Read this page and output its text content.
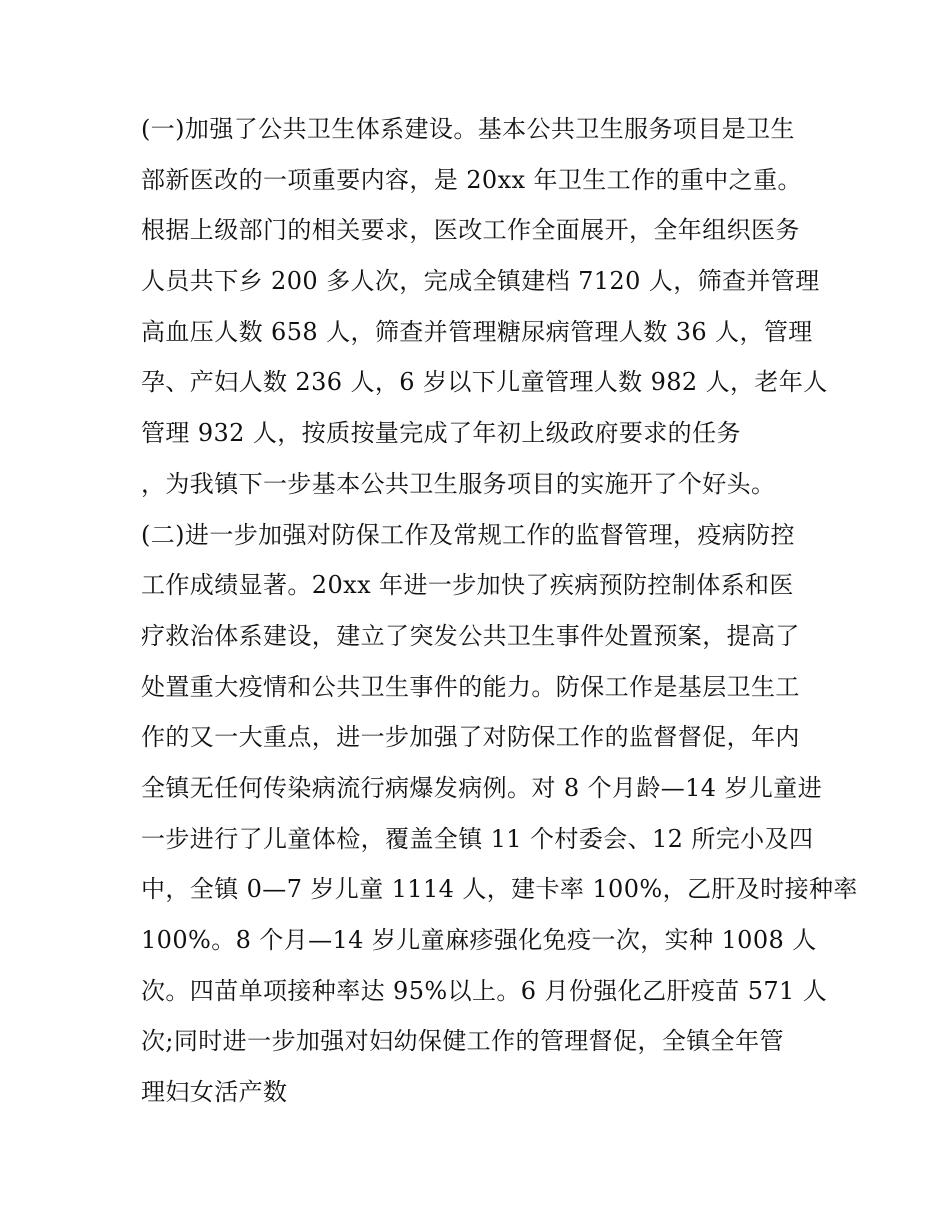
(一)加强了公共卫生体系建设。基本公共卫生服务项目是卫生
部新医改的一项重要内容，是 20xx 年卫生工作的重中之重。
根据上级部门的相关要求，医改工作全面展开，全年组织医务
人员共下乡 200 多人次，完成全镇建档 7120 人，筛查并管理
高血压人数 658 人，筛查并管理糖尿病管理人数 36 人，管理
孕、产妇人数 236 人，6 岁以下儿童管理人数 982 人，老年人
管理 932 人，按质按量完成了年初上级政府要求的任务
，为我镇下一步基本公共卫生服务项目的实施开了个好头。
(二)进一步加强对防保工作及常规工作的监督管理，疫病防控
工作成绩显著。20xx 年进一步加快了疾病预防控制体系和医
疗救治体系建设，建立了突发公共卫生事件处置预案，提高了
处置重大疫情和公共卫生事件的能力。防保工作是基层卫生工
作的又一大重点，进一步加强了对防保工作的监督督促，年内
全镇无任何传染病流行病爆发病例。对 8 个月龄—14 岁儿童进
一步进行了儿童体检，覆盖全镇 11 个村委会、12 所完小及四
中，全镇 0—7 岁儿童 1114 人，建卡率 100%，乙肝及时接种率
100%。8 个月—14 岁儿童麻疹强化免疫一次，实种 1008 人
次。四苗单项接种率达 95%以上。6 月份强化乙肝疫苗 571 人
次;同时进一步加强对妇幼保健工作的管理督促，全镇全年管
理妇女活产数
